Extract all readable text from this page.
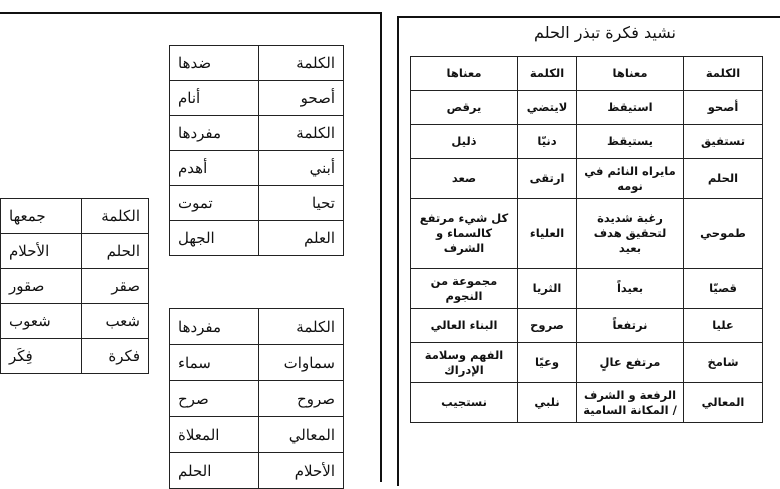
الكلمة	ضدها
أصحو	أنام
الكلمة	مفردها
أبني	أهدم
تحيا	تموت
العلم	الجهل
الكلمة	جمعها
الحلم	الأحلام
صقر	صقور
شعب	شعوب
فكرة	فِكَر
الكلمة	مفردها
سماوات	سماء
صروح	صرح
المعالي	المعلاة
الأحلام	الحلم
نشيد فكرة تبذر الحلم
الكلمة	معناها	الكلمة	معناها
أصحو	استيقظ	لايتضي	يرقص
تستفيق	يستيقظ	دنيّا	ذليل
الحلم	مايراه النائم في نومه	ارتقى	صعد
طموحي	رغبة شديدة لتحقيق هدف بعيد	العلياء	كل شيء مرتفع كالسماء و الشرف
قصيّا	بعيداً	الثريا	مجموعة من النجوم
عليا	نرتفعاً	صروح	البناء العالي
شامخ	مرتفع عالٍ	وعيًا	الفهم وسلامة الإدراك
المعالي	الرفعة و الشرف / المكانة السامية	نلبي	نستجيب
